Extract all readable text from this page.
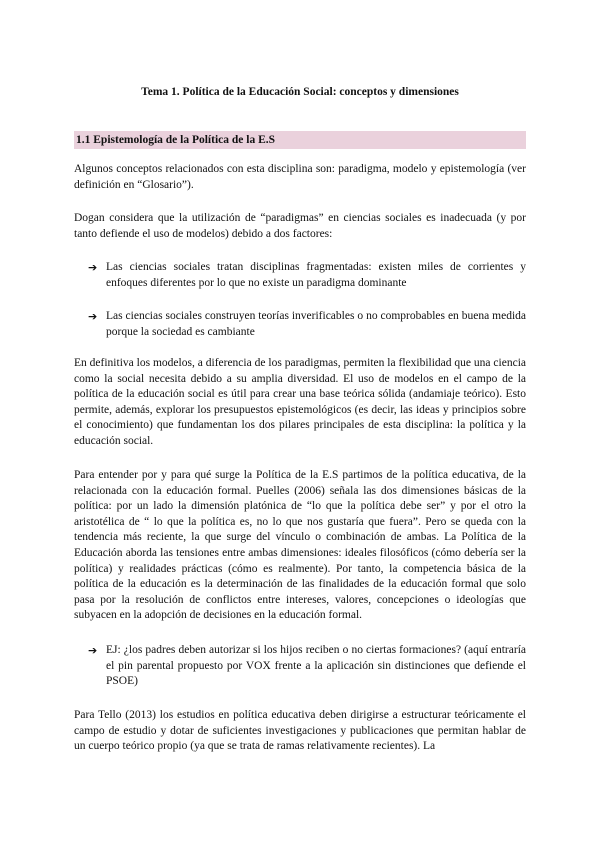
Tema 1. Política de la Educación Social: conceptos y dimensiones
1.1 Epistemología de la Política de la E.S

Algunos conceptos relacionados con esta disciplina son: paradigma, modelo y epistemología (ver definición en “Glosario”).

Dogan considera que la utilización de “paradigmas” en ciencias sociales es inadecuada (y por tanto defiende el uso de modelos) debido a dos factores:

➔ Las ciencias sociales tratan disciplinas fragmentadas: existen miles de corrientes y enfoques diferentes por lo que no existe un paradigma dominante
➔ Las ciencias sociales construyen teorías inverificables o no comprobables en buena medida porque la sociedad es cambiante

En definitiva los modelos, a diferencia de los paradigmas, permiten la flexibilidad que una ciencia como la social necesita debido a su amplia diversidad. El uso de modelos en el campo de la política de la educación social es útil para crear una base teórica sólida (andamiaje teórico). Esto permite, además, explorar los presupuestos epistemológicos (es decir, las ideas y principios sobre el conocimiento) que fundamentan los dos pilares principales de esta disciplina: la política y la educación social.

Para entender por y para qué surge la Política de la E.S partimos de la política educativa, de la relacionada con la educación formal. Puelles (2006) señala las dos dimensiones básicas de la política: por un lado la dimensión platónica de “lo que la política debe ser” y por el otro la aristotélica de “ lo que la política es, no lo que nos gustaría que fuera”. Pero se queda con la tendencia más reciente, la que surge del vínculo o combinación de ambas. La Política de la Educación aborda las tensiones entre ambas dimensiones: ideales filosóficos (cómo debería ser la política) y realidades prácticas (cómo es realmente). Por tanto, la competencia básica de la política de la educación es la determinación de las finalidades de la educación formal que solo pasa por la resolución de conflictos entre intereses, valores, concepciones o ideologías que subyacen en la adopción de decisiones en la educación formal.

➔ EJ: ¿los padres deben autorizar si los hijos reciben o no ciertas formaciones? (aquí entraría el pin parental propuesto por VOX frente a la aplicación sin distinciones que defiende el PSOE)

Para Tello (2013) los estudios en política educativa deben dirigirse a estructurar teóricamente el campo de estudio y dotar de suficientes investigaciones y publicaciones que permitan hablar de un cuerpo teórico propio (ya que se trata de ramas relativamente recientes). La
